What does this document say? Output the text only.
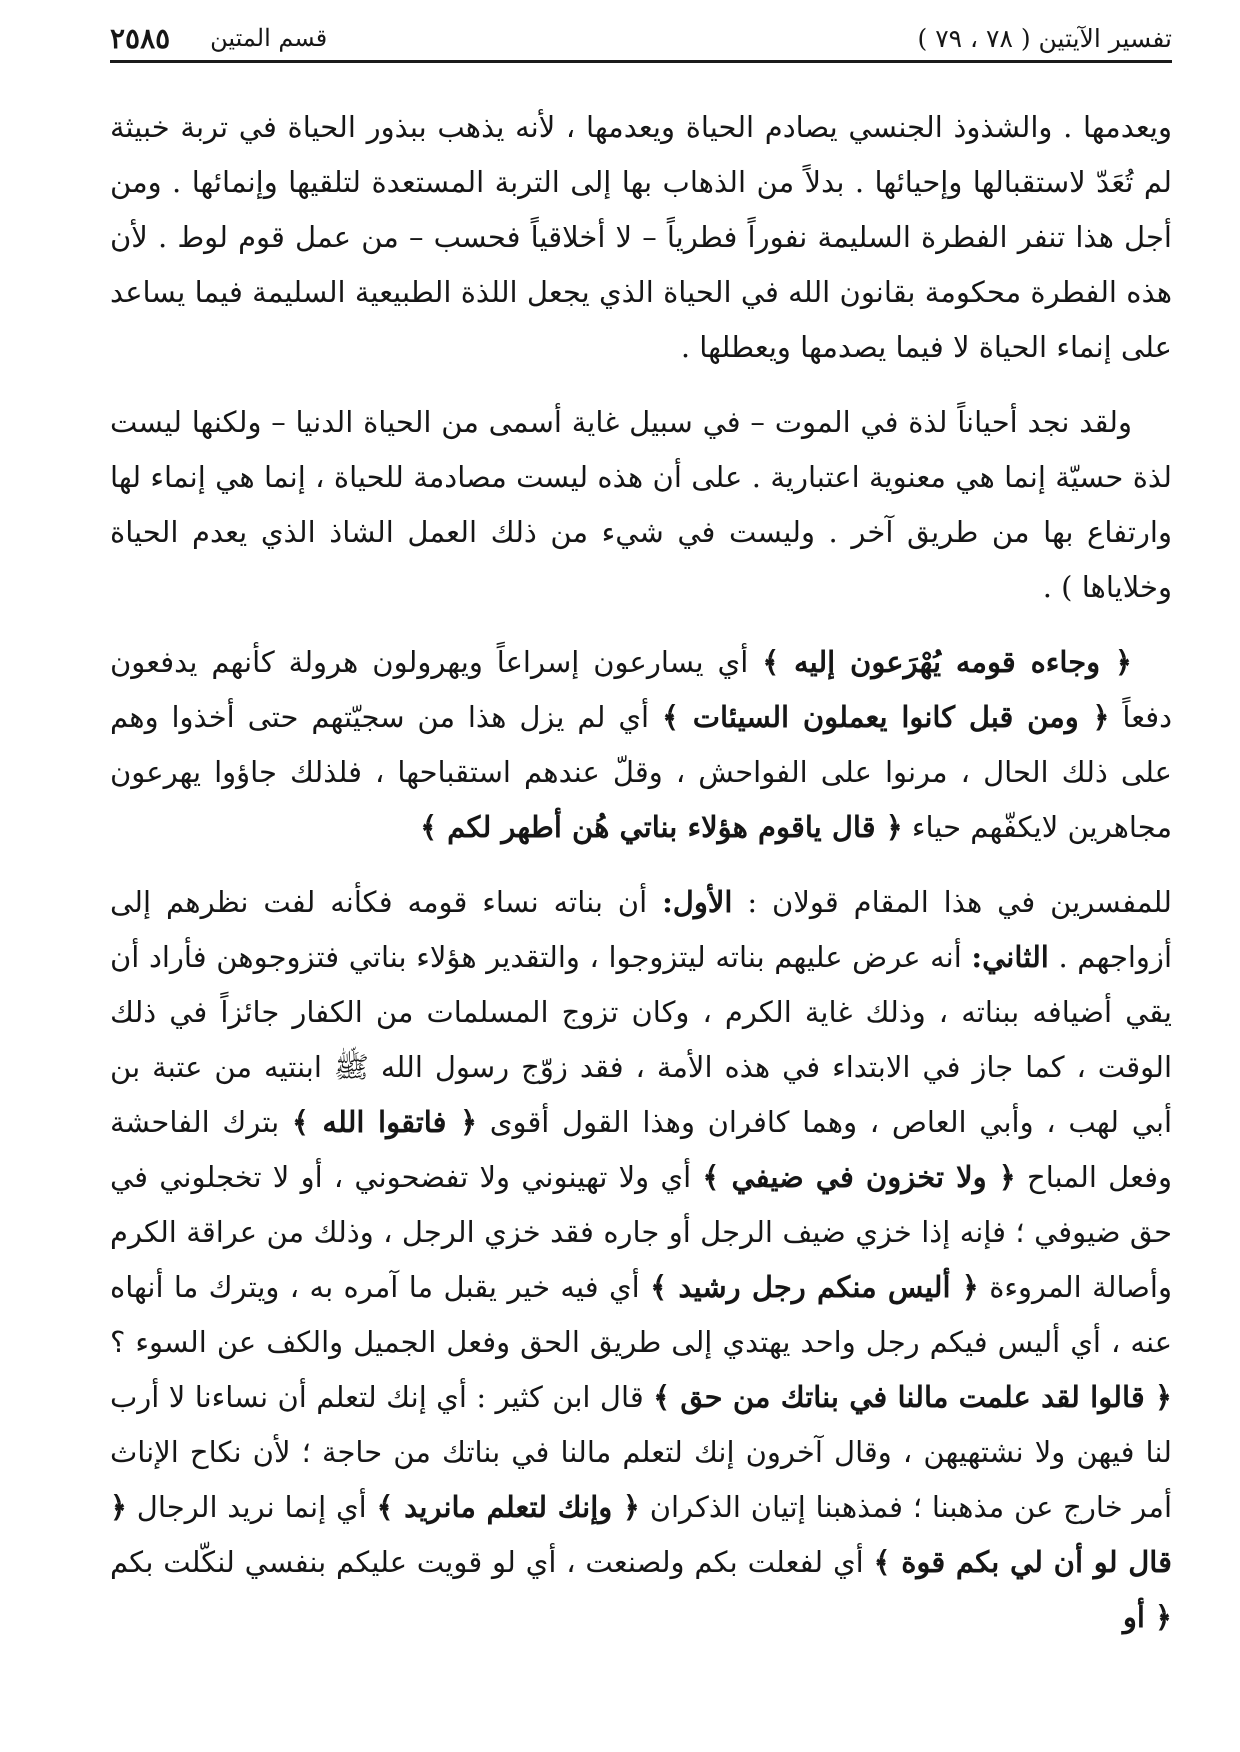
تفسير الآيتين ( ٧٨ ، ٧٩ )
قسم المتين
٢٥٨٥

ويعدمها . والشذوذ الجنسي يصادم الحياة ويعدمها ، لأنه يذهب ببذور الحياة في تربة خبيثة لم تُعَدّ لاستقبالها وإحيائها . بدلاً من الذهاب بها إلى التربة المستعدة لتلقيها وإنمائها . ومن أجل هذا تنفر الفطرة السليمة نفوراً فطرياً – لا أخلاقياً فحسب – من عمل قوم لوط . لأن هذه الفطرة محكومة بقانون الله في الحياة الذي يجعل اللذة الطبيعية السليمة فيما يساعد على إنماء الحياة لا فيما يصدمها ويعطلها .

ولقد نجد أحياناً لذة في الموت – في سبيل غاية أسمى من الحياة الدنيا – ولكنها ليست لذة حسيّة إنما هي معنوية اعتبارية . على أن هذه ليست مصادمة للحياة ، إنما هي إنماء لها وارتفاع بها من طريق آخر . وليست في شيء من ذلك العمل الشاذ الذي يعدم الحياة وخلاياها ) .

﴿ وجاءه قومه يُهْرَعون إليه ﴾ أي يسارعون إسراعاً ويهرولون هرولة كأنهم يدفعون دفعاً ﴿ ومن قبل كانوا يعملون السيئات ﴾ أي لم يزل هذا من سجيّتهم حتى أخذوا وهم على ذلك الحال ، مرنوا على الفواحش ، وقلّ عندهم استقباحها ، فلذلك جاؤوا يهرعون مجاهرين لايكفّهم حياء ﴿ قال ياقوم هؤلاء بناتي هُن أطهر لكم ﴾

للمفسرين في هذا المقام قولان : الأول: أن بناته نساء قومه فكأنه لفت نظرهم إلى أزواجهم . الثاني: أنه عرض عليهم بناته ليتزوجوا ، والتقدير هؤلاء بناتي فتزوجوهن فأراد أن يقي أضيافه ببناته ، وذلك غاية الكرم ، وكان تزوج المسلمات من الكفار جائزاً في ذلك الوقت ، كما جاز في الابتداء في هذه الأمة ، فقد زوّج رسول الله ﷺ ابنتيه من عتبة بن أبي لهب ، وأبي العاص ، وهما كافران وهذا القول أقوى ﴿ فاتقوا الله ﴾ بترك الفاحشة وفعل المباح ﴿ ولا تخزون في ضيفي ﴾ أي ولا تهينوني ولا تفضحوني ، أو لا تخجلوني في حق ضيوفي ؛ فإنه إذا خزي ضيف الرجل أو جاره فقد خزي الرجل ، وذلك من عراقة الكرم وأصالة المروءة ﴿ أليس منكم رجل رشيد ﴾ أي فيه خير يقبل ما آمره به ، ويترك ما أنهاه عنه ، أي أليس فيكم رجل واحد يهتدي إلى طريق الحق وفعل الجميل والكف عن السوء ؟ ﴿ قالوا لقد علمت مالنا في بناتك من حق ﴾ قال ابن كثير : أي إنك لتعلم أن نساءنا لا أرب لنا فيهن ولا نشتهيهن ، وقال آخرون إنك لتعلم مالنا في بناتك من حاجة ؛ لأن نكاح الإناث أمر خارج عن مذهبنا ؛ فمذهبنا إتيان الذكران ﴿ وإنك لتعلم مانريد ﴾ أي إنما نريد الرجال ﴿ قال لو أن لي بكم قوة ﴾ أي لفعلت بكم ولصنعت ، أي لو قويت عليكم بنفسي لنكّلت بكم ﴿ أو
